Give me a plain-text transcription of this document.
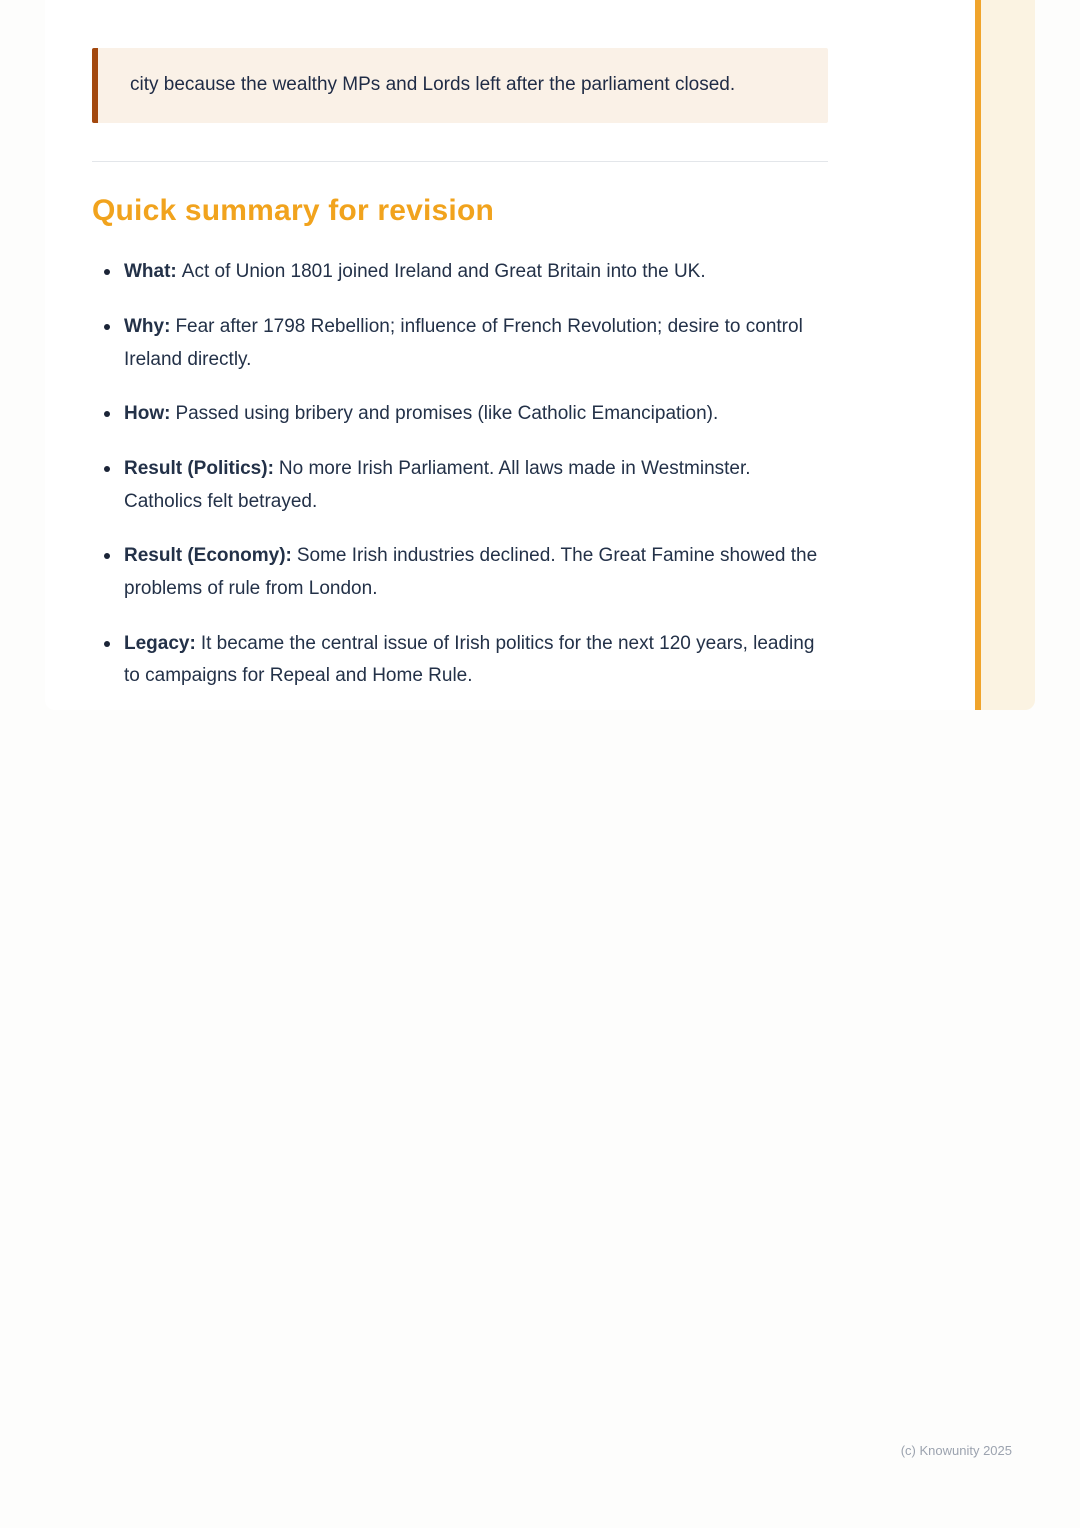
city because the wealthy MPs and Lords left after the parliament closed.

Quick summary for revision
What: Act of Union 1801 joined Ireland and Great Britain into the UK.
Why: Fear after 1798 Rebellion; influence of French Revolution; desire to control Ireland directly.
How: Passed using bribery and promises (like Catholic Emancipation).
Result (Politics): No more Irish Parliament. All laws made in Westminster. Catholics felt betrayed.
Result (Economy): Some Irish industries declined. The Great Famine showed the problems of rule from London.
Legacy: It became the central issue of Irish politics for the next 120 years, leading to campaigns for Repeal and Home Rule.
(c) Knowunity 2025
